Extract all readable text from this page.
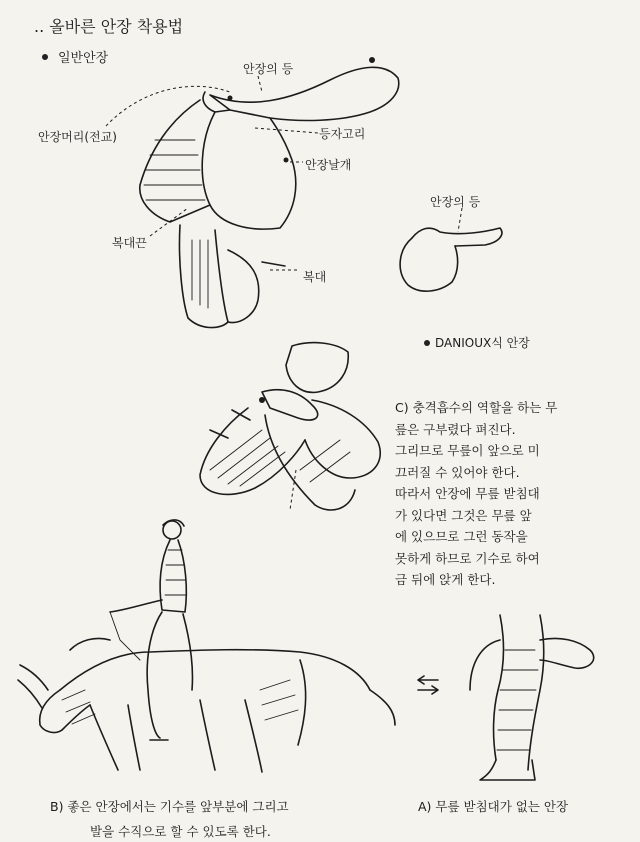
.. 올바른 안장 착용법
일반안장
안장의 등
안장머리(전교)	등자고리
안장날개
복대끈
복대
안장의 등
DANIOUX식 안장
C) 충격흡수의 역할을 하는 무
릎은 구부렸다 펴진다.
그리므로 무릎이 앞으로 미
끄러질 수 있어야 한다.
따라서 안장에 무릎 받침대
가 있다면 그것은 무릎 앞
에 있으므로 그런 동작을
못하게 하므로 기수로 하여
금 뒤에 앉게 한다.
B) 좋은 안장에서는 기수를 앞부분에 그리고
발을 수직으로 할 수 있도록 한다.
A) 무릎 받침대가 없는 안장
